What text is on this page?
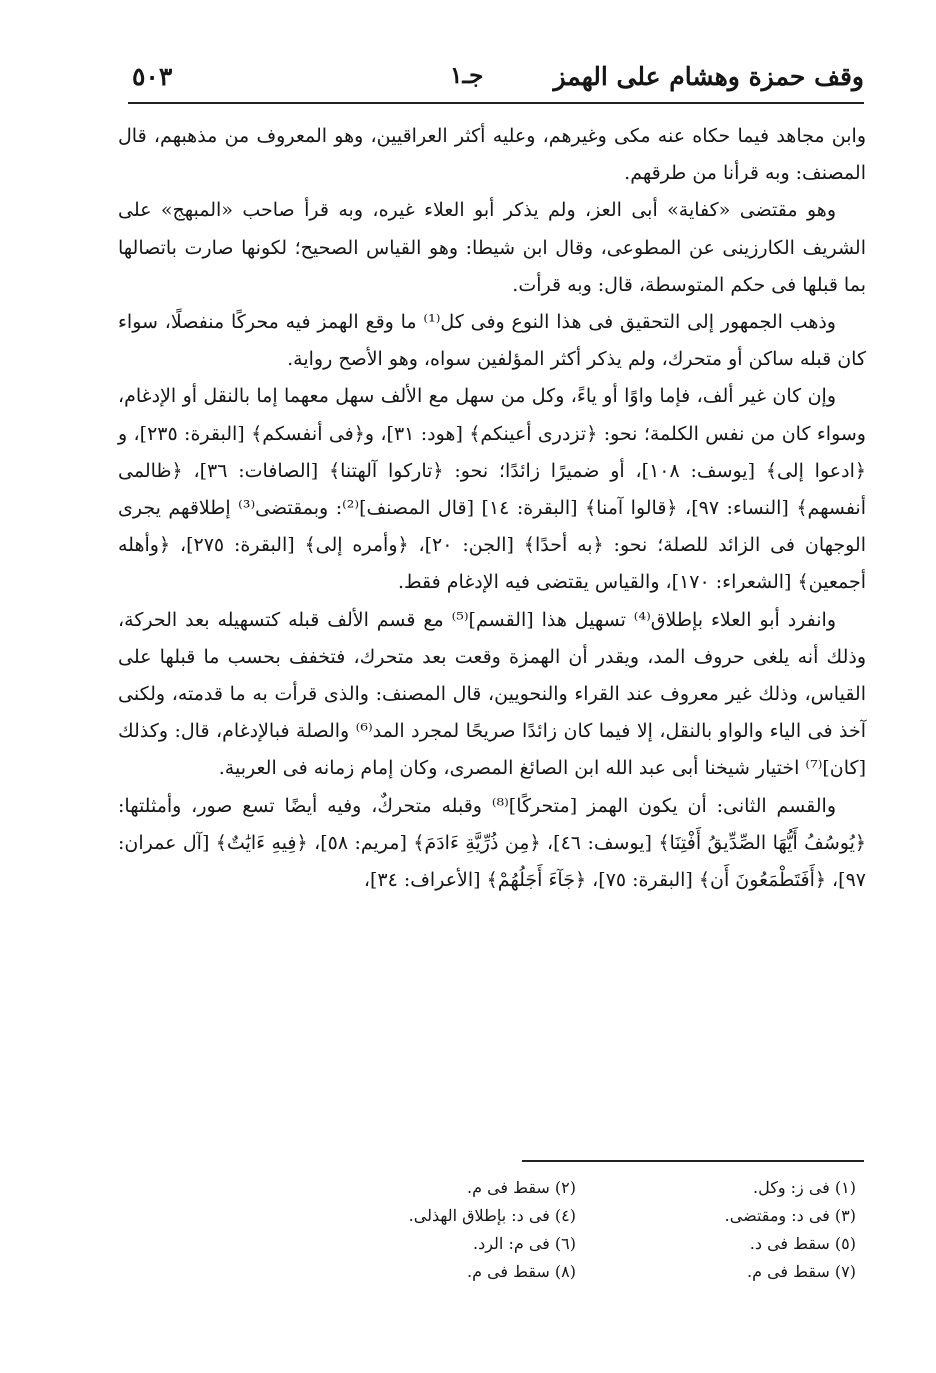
وقف حمزة وهشام على الهمز
جـ١
٥٠٣

وابن مجاهد فيما حكاه عنه مكى وغيرهم، وعليه أكثر العراقيين، وهو المعروف من مذهبهم، قال المصنف: وبه قرأنا من طرقهم.

وهو مقتضى «كفاية» أبى العز، ولم يذكر أبو العلاء غيره، وبه قرأ صاحب «المبهج» على الشريف الكارزينى عن المطوعى، وقال ابن شيطا: وهو القياس الصحيح؛ لكونها صارت باتصالها بما قبلها فى حكم المتوسطة، قال: وبه قرأت.

وذهب الجمهور إلى التحقيق فى هذا النوع وفى كل⁽¹⁾ ما وقع الهمز فيه محركًا منفصلًا، سواء كان قبله ساكن أو متحرك، ولم يذكر أكثر المؤلفين سواه، وهو الأصح رواية.

وإن كان غير ألف، فإما واوًا أو ياءً، وكل من سهل مع الألف سهل معهما إما بالنقل أو الإدغام، وسواء كان من نفس الكلمة؛ نحو: ﴿تزدرى أعينكم﴾ [هود: ٣١]، و﴿فى أنفسكم﴾ [البقرة: ٢٣٥]، و ﴿ادعوا إلى﴾ [يوسف: ١٠٨]، أو ضميرًا زائدًا؛ نحو: ﴿تاركوا آلهتنا﴾ [الصافات: ٣٦]، ﴿ظالمى أنفسهم﴾ [النساء: ٩٧]، ﴿قالوا آمنا﴾ [البقرة: ١٤] [قال المصنف]⁽²⁾: وبمقتضى⁽³⁾ إطلاقهم يجرى الوجهان فى الزائد للصلة؛ نحو: ﴿به أحدًا﴾ [الجن: ٢٠]، ﴿وأمره إلى﴾ [البقرة: ٢٧٥]، ﴿وأهله أجمعين﴾ [الشعراء: ١٧٠]، والقياس يقتضى فيه الإدغام فقط.

وانفرد أبو العلاء بإطلاق⁽⁴⁾ تسهيل هذا [القسم]⁽⁵⁾ مع قسم الألف قبله كتسهيله بعد الحركة، وذلك أنه يلغى حروف المد، ويقدر أن الهمزة وقعت بعد متحرك، فتخفف بحسب ما قبلها على القياس، وذلك غير معروف عند القراء والنحويين، قال المصنف: والذى قرأت به ما قدمته، ولكنى آخذ فى الياء والواو بالنقل، إلا فيما كان زائدًا صريحًا لمجرد المد⁽⁶⁾ والصلة فبالإدغام، قال: وكذلك [كان]⁽⁷⁾ اختيار شيخنا أبى عبد الله ابن الصائغ المصرى، وكان إمام زمانه فى العربية.

والقسم الثانى: أن يكون الهمز [متحركًا]⁽⁸⁾ وقبله متحركٌ، وفيه أيضًا تسع صور، وأمثلتها: ﴿يُوسُفُ أَيُّهَا الصِّدِّيقُ أَفْتِنَا﴾ [يوسف: ٤٦]، ﴿مِن ذُرِّيَّةِ ءَادَمَ﴾ [مريم: ٥٨]، ﴿فِيهِ ءَايَٰتٌ﴾ [آل عمران: ٩٧]، ﴿أَفَتَطْمَعُونَ أَن﴾ [البقرة: ٧٥]، ﴿جَآءَ أَجَلُهُمْ﴾ [الأعراف: ٣٤]،

(١) فى ز: وكل.
(٢) سقط فى م.
(٣) فى د: ومقتضى.
(٤) فى د: بإطلاق الهذلى.
(٥) سقط فى د.
(٦) فى م: الرد.
(٧) سقط فى م.
(٨) سقط فى م.
